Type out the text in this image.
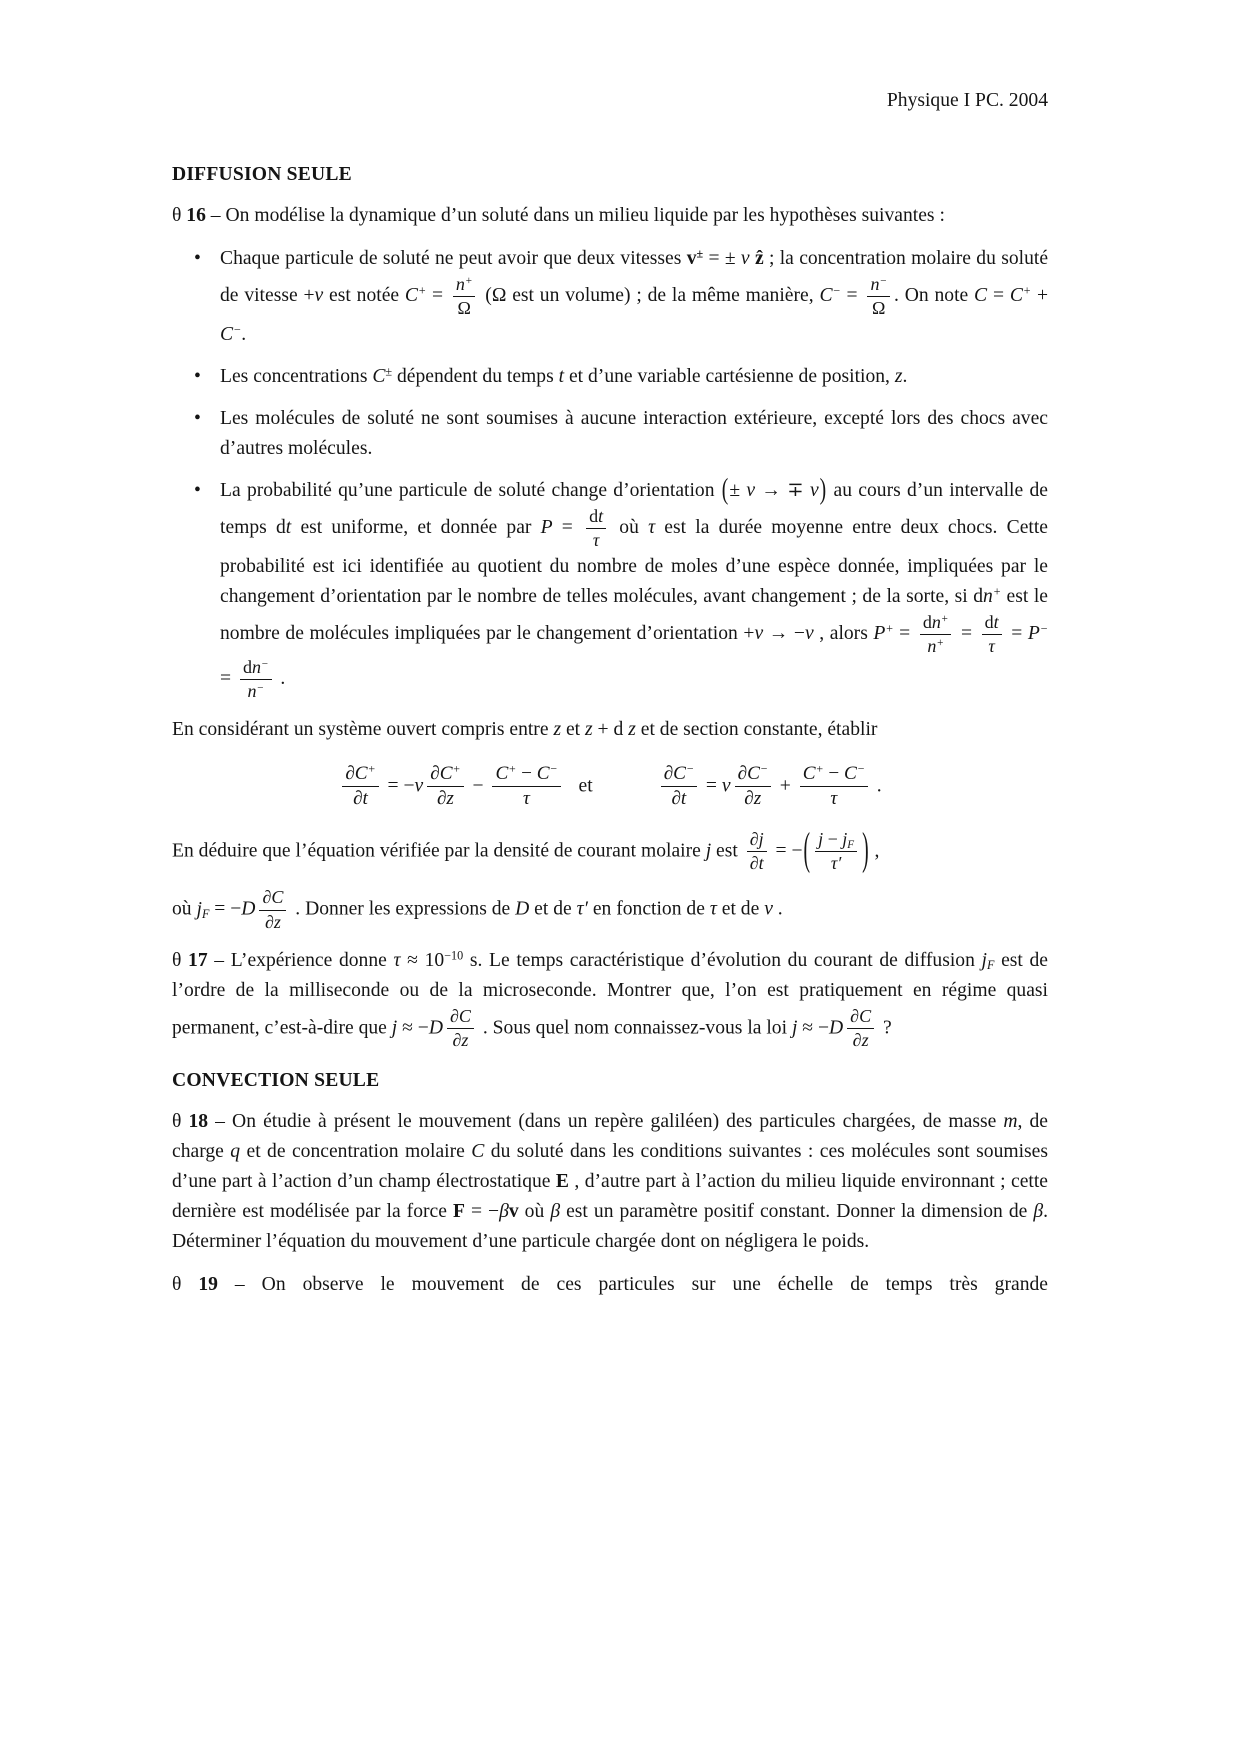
Physique I PC. 2004
DIFFUSION SEULE

θ 16 – On modélise la dynamique d’un soluté dans un milieu liquide par les hypothèses suivantes :

• Chaque particule de soluté ne peut avoir que deux vitesses v± = ± v ẑ ; la concentration molaire du soluté de vitesse +v est notée $C^+ = \frac{n^+}{\Omega} (\Omega$ est un volume) ; de la même manière, $C^- = \frac{n^-}{\Omega}$ . On note C = C+ + C−.
• Les concentrations C± dépendent du temps t et d’une variable cartésienne de position, z.
• Les molécules de soluté ne sont soumises à aucune interaction extérieure, excepté lors des chocs avec d’autres molécules.
• La probabilité qu’une particule de soluté change d’orientation (± v → ∓ v) au cours d’un intervalle de temps dt est uniforme, et donnée par $P = \frac{dt}{\tau}$ où τ est la durée moyenne entre deux chocs. Cette probabilité est ici identifiée au quotient du nombre de moles d’une espèce donnée, impliquées par le changement d’orientation par le nombre de telles molécules, avant changement ; de la sorte, si dn+ est le nombre de molécules impliquées par le changement d’orientation +v → −v , alors $P^+ = \frac{dn^+}{n^+} = \frac{dt}{\tau} = P^- = \frac{dn^-}{n^-}$ .

En considérant un système ouvert compris entre z et z + d z et de section constante, établir

$\frac{\partial C^+}{\partial t} = -v \frac{\partial C^+}{\partial z} - \frac{C^+ - C^-}{\tau}$ et	$\frac{\partial C^-}{\partial t} = v \frac{\partial C^-}{\partial z} + \frac{C^+ - C^-}{\tau}$ .

En déduire que l’équation vérifiée par la densité de courant molaire j est $\frac{\partial j}{\partial t}$ = −( $\frac{j - j_F}{\tau'}$ ) ,

où $j_F = -D \frac{\partial C}{\partial z}$ . Donner les expressions de D et de τ′ en fonction de τ et de v .

θ 17 – L’expérience donne $\tau \approx 10^{-10}$ s. Le temps caractéristique d’évolution du courant de diffusion $j_F$ est de l’ordre de la milliseconde ou de la microseconde. Montrer que, l’on est pratiquement en régime quasi permanent, c’est-à-dire que $j \approx -D \frac{\partial C}{\partial z}$ . Sous quel nom connaissez-vous la loi $j \approx -D \frac{\partial C}{\partial z}$ ?

CONVECTION SEULE

θ 18 – On étudie à présent le mouvement (dans un repère galiléen) des particules chargées, de masse m, de charge q et de concentration molaire C du soluté dans les conditions suivantes : ces molécules sont soumises d’une part à l’action d’un champ électrostatique E , d’autre part à l’action du milieu liquide environnant ; cette dernière est modélisée par la force F = −βv où β est un paramètre positif constant. Donner la dimension de β. Déterminer l’équation du mouvement d’une particule chargée dont on négligera le poids.

θ 19 – On observe le mouvement de ces particules sur une échelle de temps très grande
